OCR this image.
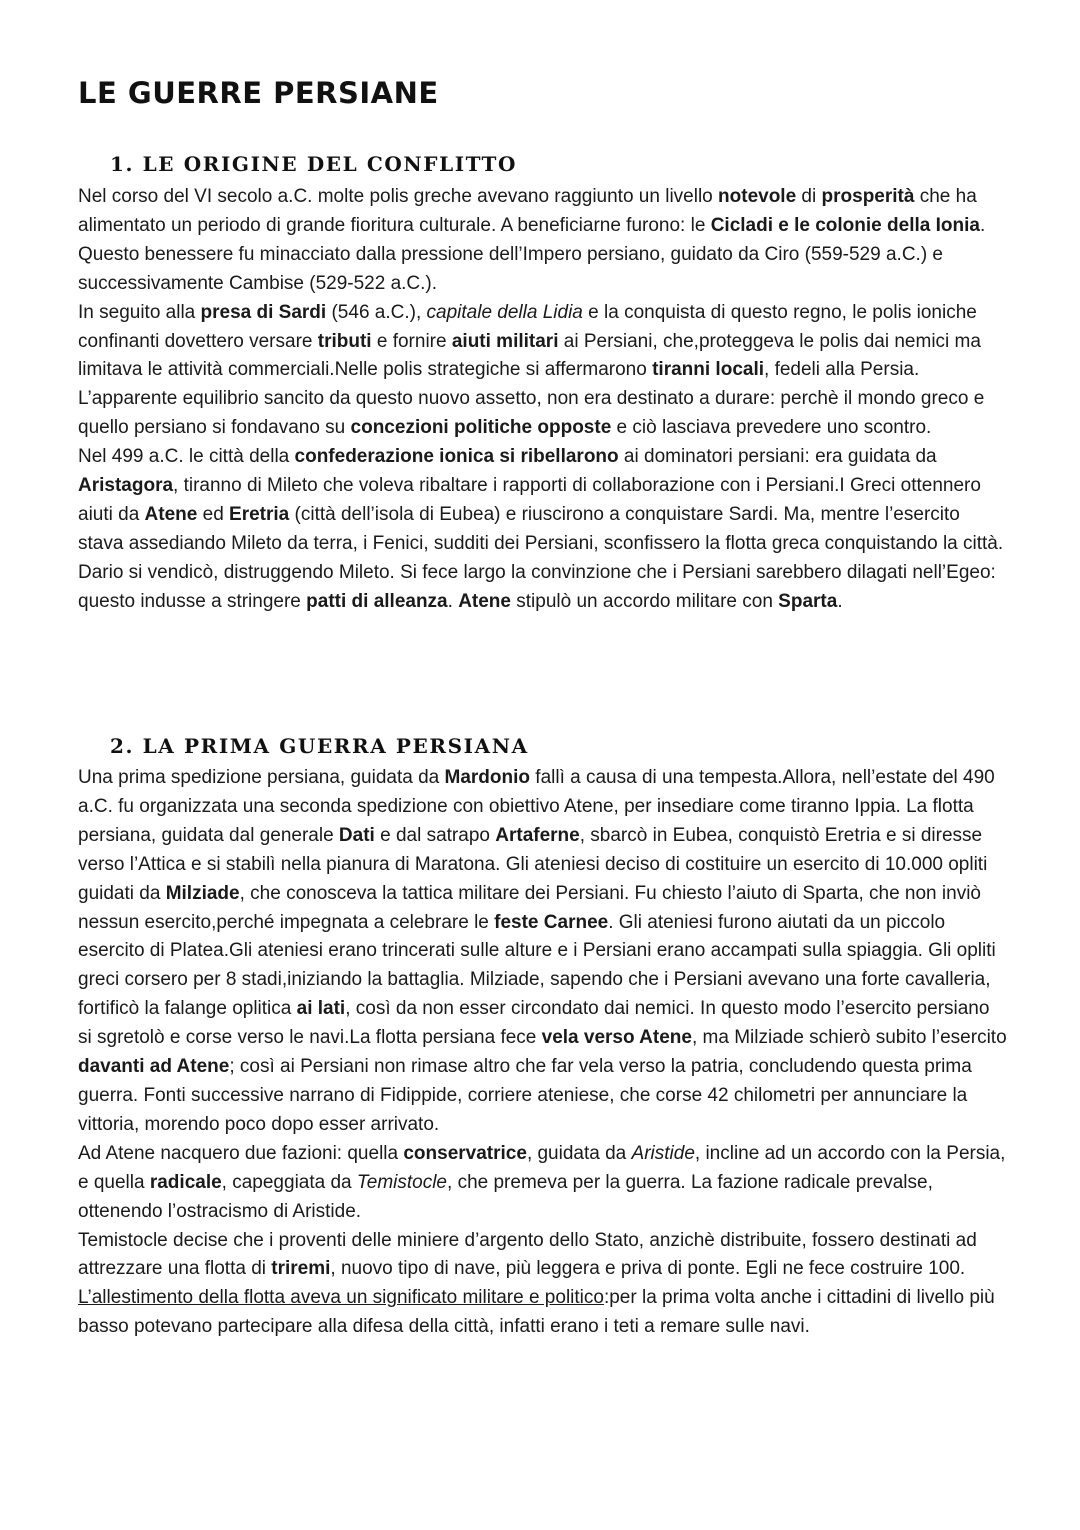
LE GUERRE PERSIANE
1. LE ORIGINE DEL CONFLITTO
Nel corso del VI secolo a.C. molte polis greche avevano raggiunto un livello notevole di prosperità che ha alimentato un periodo di grande fioritura culturale. A beneficiarne furono: le Cicladi e le colonie della Ionia. Questo benessere fu minacciato dalla pressione dell’Impero persiano, guidato da Ciro (559-529 a.C.) e successivamente Cambise (529-522 a.C.).
In seguito alla presa di Sardi (546 a.C.), capitale della Lidia e la conquista di questo regno, le polis ioniche confinanti dovettero versare tributi e fornire aiuti militari ai Persiani, che,proteggeva le polis dai nemici ma limitava le attività commerciali.Nelle polis strategiche si affermarono tiranni locali, fedeli alla Persia.
L’apparente equilibrio sancito da questo nuovo assetto, non era destinato a durare: perchè il mondo greco e quello persiano si fondavano su concezioni politiche opposte e ciò lasciava prevedere uno scontro.
Nel 499 a.C. le città della confederazione ionica si ribellarono ai dominatori persiani: era guidata da Aristagora, tiranno di Mileto che voleva ribaltare i rapporti di collaborazione con i Persiani.I Greci ottennero aiuti da Atene ed Eretria (città dell’isola di Eubea) e riuscirono a conquistare Sardi. Ma, mentre l’esercito stava assediando Mileto da terra, i Fenici, sudditi dei Persiani, sconfissero la flotta greca conquistando la città. Dario si vendicò, distruggendo Mileto. Si fece largo la convinzione che i Persiani sarebbero dilagati nell’Egeo: questo indusse a stringere patti di alleanza. Atene stipulò un accordo militare con Sparta.
2. LA PRIMA GUERRA PERSIANA
Una prima spedizione persiana, guidata da Mardonio fallì a causa di una tempesta.Allora, nell’estate del 490 a.C. fu organizzata una seconda spedizione con obiettivo Atene, per insediare come tiranno Ippia. La flotta persiana, guidata dal generale Dati e dal satrapo Artaferne, sbarcò in Eubea, conquistò Eretria e si diresse verso l’Attica e si stabilì nella pianura di Maratona. Gli ateniesi deciso di costituire un esercito di 10.000 opliti guidati da Milziade, che conosceva la tattica militare dei Persiani. Fu chiesto l’aiuto di Sparta, che non inviò nessun esercito,perché impegnata a celebrare le feste Carnee. Gli ateniesi furono aiutati da un piccolo esercito di Platea.Gli ateniesi erano trincerati sulle alture e i Persiani erano accampati sulla spiaggia. Gli opliti greci corsero per 8 stadi,iniziando la battaglia. Milziade, sapendo che i Persiani avevano una forte cavalleria, fortificò la falange oplitica ai lati, così da non esser circondato dai nemici. In questo modo l’esercito persiano si sgretolò e corse verso le navi.La flotta persiana fece vela verso Atene, ma Milziade schierò subito l’esercito davanti ad Atene; così ai Persiani non rimase altro che far vela verso la patria, concludendo questa prima guerra. Fonti successive narrano di Fidippide, corriere ateniese, che corse 42 chilometri per annunciare la vittoria, morendo poco dopo esser arrivato.
Ad Atene nacquero due fazioni: quella conservatrice, guidata da Aristide, incline ad un accordo con la Persia, e quella radicale, capeggiata da Temistocle, che premeva per la guerra. La fazione radicale prevalse, ottenendo l’ostracismo di Aristide.
Temistocle decise che i proventi delle miniere d’argento dello Stato, anzichè distribuite, fossero destinati ad attrezzare una flotta di triremi, nuovo tipo di nave, più leggera e priva di ponte. Egli ne fece costruire 100. L’allestimento della flotta aveva un significato militare e politico:per la prima volta anche i cittadini di livello più basso potevano partecipare alla difesa della città, infatti erano i teti a remare sulle navi.
